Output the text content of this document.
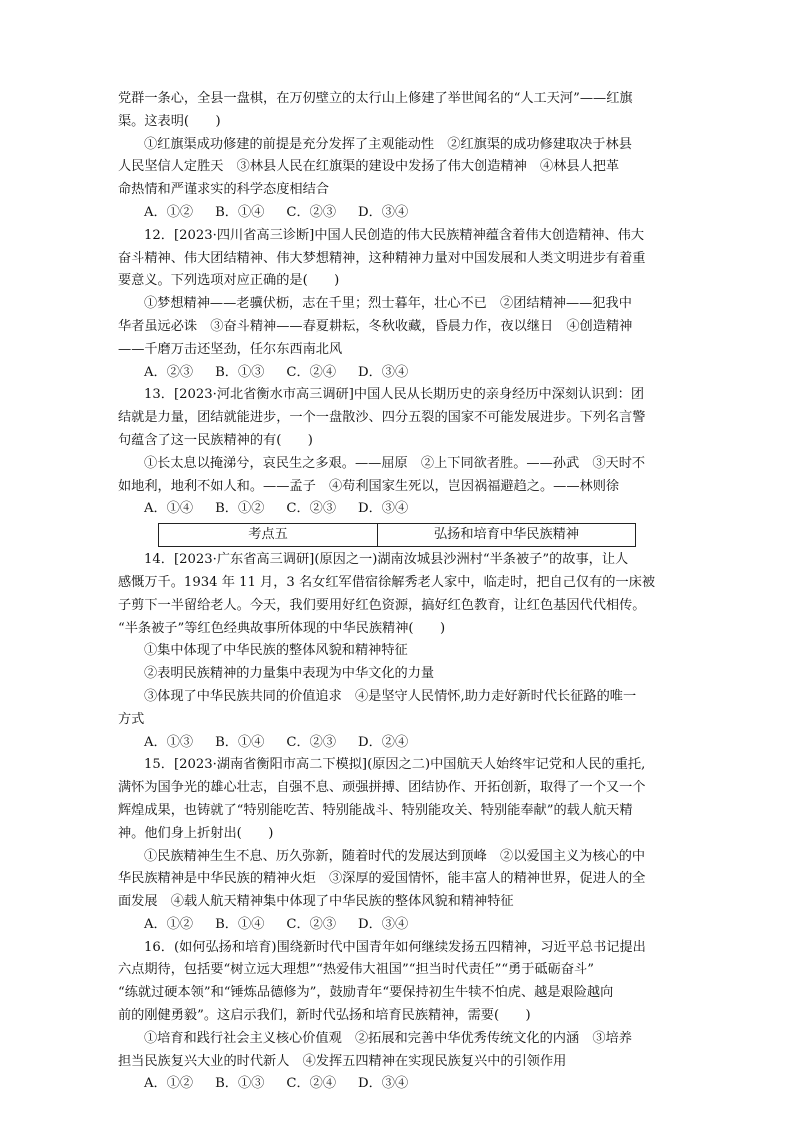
党群一条心，全县一盘棋，在万仞壁立的太行山上修建了举世闻名的“人工天河”——红旗

渠。这表明(　　)

①红旗渠成功修建的前提是充分发挥了主观能动性　②红旗渠的成功修建取决于林县

人民坚信人定胜天　③林县人民在红旗渠的建设中发扬了伟大创造精神　④林县人把革

命热情和严谨求实的科学态度相结合

A．①② B．①④ C．②③ D．③④

12．[2023·四川省高三诊断]中国人民创造的伟大民族精神蕴含着伟大创造精神、伟大

奋斗精神、伟大团结精神、伟大梦想精神，这种精神力量对中国发展和人类文明进步有着重

要意义。下列选项对应正确的是(　　)

①梦想精神——老骥伏枥，志在千里；烈士暮年，壮心不已　②团结精神——犯我中

华者虽远必诛　③奋斗精神——春夏耕耘，冬秋收藏，昏晨力作，夜以继日　④创造精神

——千磨万击还坚劲，任尔东西南北风

A．②③ B．①③ C．②④ D．③④

13．[2023·河北省衡水市高三调研]中国人民从长期历史的亲身经历中深刻认识到：团

结就是力量，团结就能进步，一个一盘散沙、四分五裂的国家不可能发展进步。下列名言警

句蕴含了这一民族精神的有(　　)

①长太息以掩涕兮，哀民生之多艰。——屈原　②上下同欲者胜。——孙武　③天时不

如地利，地利不如人和。——孟子　④苟利国家生死以，岂因祸福避趋之。——林则徐

A．①④ B．①② C．②③ D．③④

考点五	弘扬和培育中华民族精神

14．[2023·广东省高三调研](原因之一)湖南汝城县沙洲村“半条被子”的故事，让人

感慨万千。1934 年 11 月，3 名女红军借宿徐解秀老人家中，临走时，把自己仅有的一床被

子剪下一半留给老人。今天，我们要用好红色资源，搞好红色教育，让红色基因代代相传。

“半条被子”等红色经典故事所体现的中华民族精神(　　)

①集中体现了中华民族的整体风貌和精神特征

②表明民族精神的力量集中表现为中华文化的力量

③体现了中华民族共同的价值追求　④是坚守人民情怀,助力走好新时代长征路的唯一

方式

A．①③ B．①④ C．②③ D．②④

15．[2023·湖南省衡阳市高二下模拟](原因之二)中国航天人始终牢记党和人民的重托,

满怀为国争光的雄心壮志，自强不息、顽强拼搏、团结协作、开拓创新，取得了一个又一个

辉煌成果，也铸就了“特别能吃苦、特别能战斗、特别能攻关、特别能奉献”的载人航天精

神。他们身上折射出(　　)

①民族精神生生不息、历久弥新，随着时代的发展达到顶峰　②以爱国主义为核心的中

华民族精神是中华民族的精神火炬　③深厚的爱国情怀，能丰富人的精神世界，促进人的全

面发展　④载人航天精神集中体现了中华民族的整体风貌和精神特征

A．①② B．①④ C．②③ D．③④

16．(如何弘扬和培育)围绕新时代中国青年如何继续发扬五四精神，习近平总书记提出

六点期待，包括要“树立远大理想”“热爱伟大祖国”“担当时代责任”“勇于砥砺奋斗”

“练就过硬本领”和“锤炼品德修为”，鼓励青年“要保持初生牛犊不怕虎、越是艰险越向

前的刚健勇毅”。这启示我们，新时代弘扬和培育民族精神，需要(　　)

①培育和践行社会主义核心价值观　②拓展和完善中华优秀传统文化的内涵　③培养

担当民族复兴大业的时代新人　④发挥五四精神在实现民族复兴中的引领作用

A．①② B．①③ C．②④ D．③④
